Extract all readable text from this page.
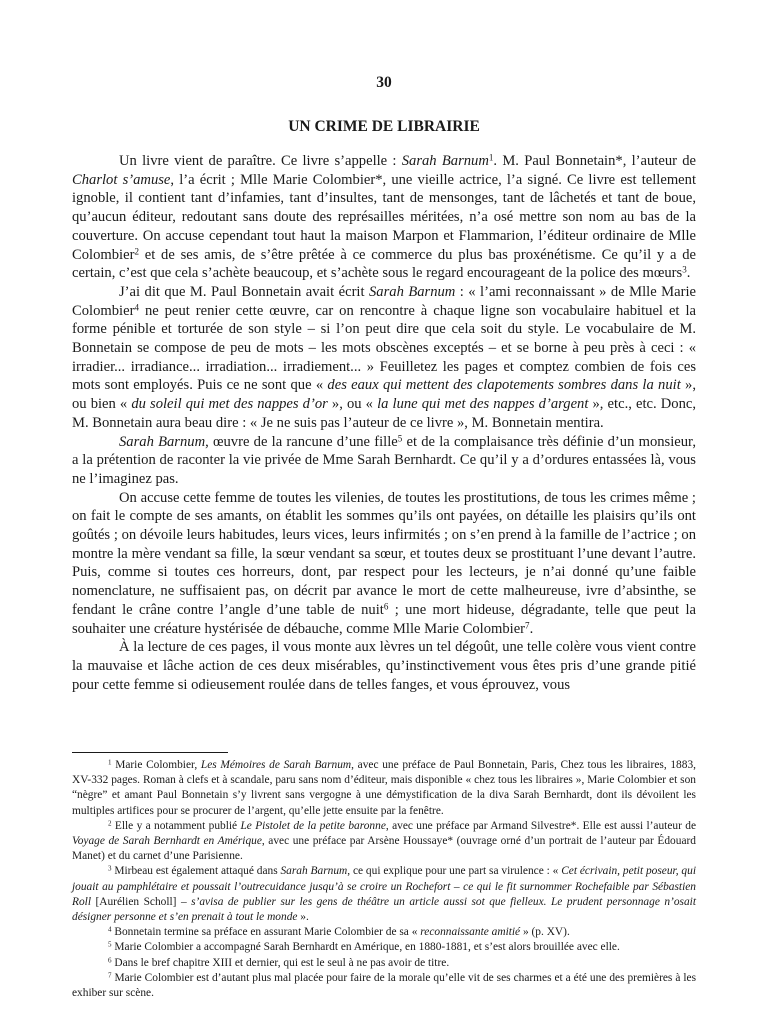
30
UN CRIME DE LIBRAIRIE

Un livre vient de paraître. Ce livre s’appelle : Sarah Barnum$^1$. M. Paul Bonnetain*, l’auteur de Charlot s’amuse, l’a écrit ; Mlle Marie Colombier*, une vieille actrice, l’a signé. Ce livre est tellement ignoble, il contient tant d’infamies, tant d’insultes, tant de mensonges, tant de lâchetés et tant de boue, qu’aucun éditeur, redoutant sans doute des représailles méritées, n’a osé mettre son nom au bas de la couverture. On accuse cependant tout haut la maison Marpon et Flammarion, l’éditeur ordinaire de Mlle Colombier$^2$ et de ses amis, de s’être prêtée à ce commerce du plus bas proxénétisme. Ce qu’il y a de certain, c’est que cela s’achète beaucoup, et s’achète sous le regard encourageant de la police des mœurs$^3$.

J’ai dit que M. Paul Bonnetain avait écrit Sarah Barnum : « l’ami reconnaissant » de Mlle Marie Colombier$^4$ ne peut renier cette œuvre, car on rencontre à chaque ligne son vocabulaire habituel et la forme pénible et torturée de son style – si l’on peut dire que cela soit du style. Le vocabulaire de M. Bonnetain se compose de peu de mots – les mots obscènes exceptés – et se borne à peu près à ceci : « irradier... irradiance... irradiation... irradiement... » Feuilletez les pages et comptez combien de fois ces mots sont employés. Puis ce ne sont que « des eaux qui mettent des clapotements sombres dans la nuit », ou bien « du soleil qui met des nappes d’or », ou « la lune qui met des nappes d’argent », etc., etc. Donc, M. Bonnetain aura beau dire : « Je ne suis pas l’auteur de ce livre », M. Bonnetain mentira.

Sarah Barnum, œuvre de la rancune d’une fille$^5$ et de la complaisance très définie d’un monsieur, a la prétention de raconter la vie privée de Mme Sarah Bernhardt. Ce qu’il y a d’ordures entassées là, vous ne l’imaginez pas.

On accuse cette femme de toutes les vilenies, de toutes les prostitutions, de tous les crimes même ; on fait le compte de ses amants, on établit les sommes qu’ils ont payées, on détaille les plaisirs qu’ils ont goûtés ; on dévoile leurs habitudes, leurs vices, leurs infirmités ; on s’en prend à la famille de l’actrice ; on montre la mère vendant sa fille, la sœur vendant sa sœur, et toutes deux se prostituant l’une devant l’autre. Puis, comme si toutes ces horreurs, dont, par respect pour les lecteurs, je n’ai donné qu’une faible nomenclature, ne suffisaient pas, on décrit par avance le mort de cette malheureuse, ivre d’absinthe, se fendant le crâne contre l’angle d’une table de nuit$^6$ ; une mort hideuse, dégradante, telle que peut la souhaiter une créature hystérisée de débauche, comme Mlle Marie Colombier$^7$.

À la lecture de ces pages, il vous monte aux lèvres un tel dégoût, une telle colère vous vient contre la mauvaise et lâche action de ces deux misérables, qu’instinctivement vous êtes pris d’une grande pitié pour cette femme si odieusement roulée dans de telles fanges, et vous éprouvez, vous

$^1$ Marie Colombier, Les Mémoires de Sarah Barnum, avec une préface de Paul Bonnetain, Paris, Chez tous les libraires, 1883, XV-332 pages. Roman à clefs et à scandale, paru sans nom d’éditeur, mais disponible « chez tous les libraires », Marie Colombier et son “nègre” et amant Paul Bonnetain s’y livrent sans vergogne à une démystification de la diva Sarah Bernhardt, dont ils dévoilent les multiples artifices pour se procurer de l’argent, qu’elle jette ensuite par la fenêtre.

$^2$ Elle y a notamment publié Le Pistolet de la petite baronne, avec une préface par Armand Silvestre*. Elle est aussi l’auteur de Voyage de Sarah Bernhardt en Amérique, avec une préface par Arsène Houssaye* (ouvrage orné d’un portrait de l’auteur par Édouard Manet) et du carnet d’une Parisienne.

$^3$ Mirbeau est également attaqué dans Sarah Barnum, ce qui explique pour une part sa virulence : « Cet écrivain, petit poseur, qui jouait au pamphlétaire et poussait l’outrecuidance jusqu’à se croire un Rochefort – ce qui le fit surnommer Rochefaible par Sébastien Roll [Aurélien Scholl] – s’avisa de publier sur les gens de théâtre un article aussi sot que fielleux. Le prudent personnage n’osait désigner personne et s’en prenait à tout le monde ».

$^4$ Bonnetain termine sa préface en assurant Marie Colombier de sa « reconnaissante amitié » (p. XV).

$^5$ Marie Colombier a accompagné Sarah Bernhardt en Amérique, en 1880-1881, et s’est alors brouillée avec elle.

$^6$ Dans le bref chapitre XIII et dernier, qui est le seul à ne pas avoir de titre.

$^7$ Marie Colombier est d’autant plus mal placée pour faire de la morale qu’elle vit de ses charmes et a été une des premières à les exhiber sur scène.
